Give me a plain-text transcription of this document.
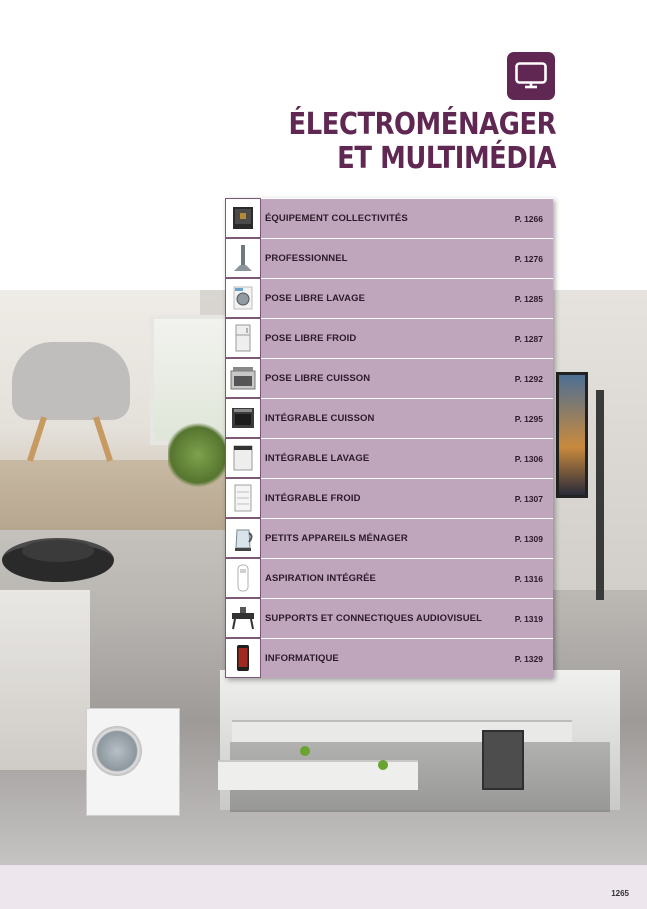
1265
ÉLECTROMÉNAGER
ET MULTIMÉDIA
ÉQUIPEMENT COLLECTIVITÉS	P. 1266
PROFESSIONNEL	P. 1276
POSE LIBRE LAVAGE	P. 1285
POSE LIBRE FROID	P. 1287
POSE LIBRE CUISSON	P. 1292
INTÉGRABLE CUISSON	P. 1295
INTÉGRABLE LAVAGE	P. 1306
INTÉGRABLE FROID	P. 1307
PETITS APPAREILS MÉNAGER	P. 1309
ASPIRATION INTÉGRÉE	P. 1316
SUPPORTS ET CONNECTIQUES AUDIOVISUEL	P. 1319
INFORMATIQUE	P. 1329
